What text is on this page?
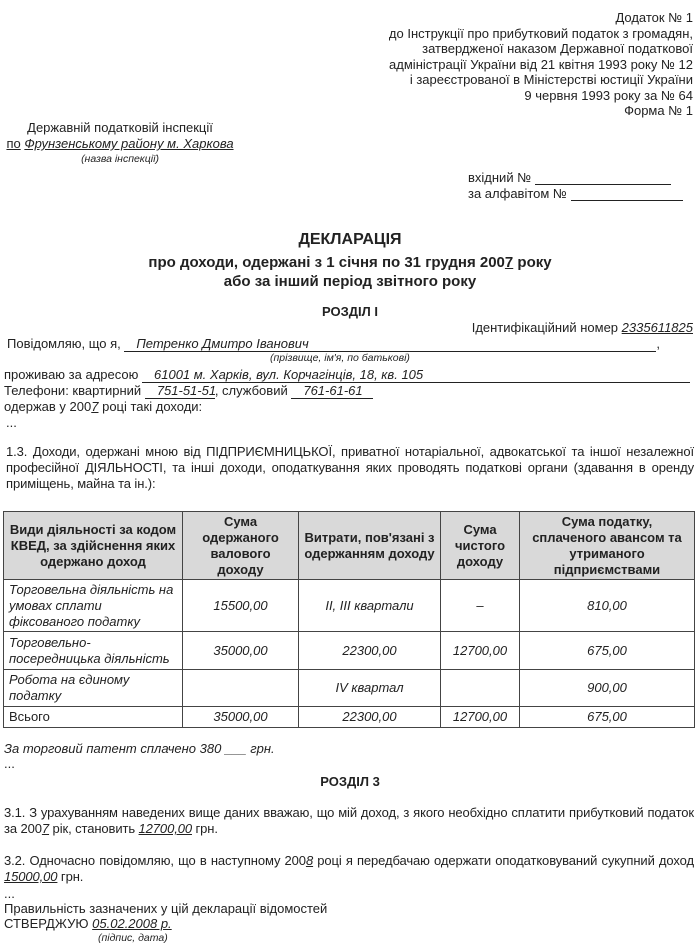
Додаток № 1
до Інструкції про прибутковий податок з громадян,
затвердженої наказом Державної податкової
адміністрації України від 21 квітня 1993 року № 12
і зареєстрованої в Міністерстві юстиції України
9 червня 1993 року за № 64
Форма № 1
Державній податковій інспекції
по Фрунзенському району м. Харкова
(назва інспекції)
вхідний №
за алфавітом №
ДЕКЛАРАЦІЯ
про доходи, одержані з 1 січня по 31 грудня 2007 року
або за інший період звітного року
РОЗДІЛ І
Ідентифікаційний номер 2335611825
Повідомляю, що я, Петренко Дмитро Іванович	,
(прізвище, ім'я, по батькові)
проживаю за адресою 61001 м. Харків, вул. Корчагінців, 18, кв. 105
Телефони: квартирний 751-51-51, службовий 761-61-61
одержав у 2007 році такі доходи:
...
1.3. Доходи, одержані мною від ПІДПРИЄМНИЦЬКОЇ, приватної нотаріальної, адвокатської та іншої незалежної професійної ДІЯЛЬНОСТІ, та інші доходи, оподаткування яких проводять податкові органи (здавання в оренду приміщень, майна та ін.):
Види діяльності за кодом КВЕД, за здійснення яких одержано доход	Сума одержаного валового доходу	Витрати, пов'язані з одержанням доходу	Сума чистого доходу	Сума податку, сплаченого авансом та утриманого підприємствами
Торговельна діяльність на умовах сплати фіксованого податку	15500,00	II, III квартали	–	810,00
Торговельно-посередницька діяльність	35000,00	22300,00	12700,00	675,00
Робота на єдиному податку		IV квартал		900,00
Всього	35000,00	22300,00	12700,00	675,00
За торговий патент сплачено 380 ___ грн.
...
РОЗДІЛ 3
3.1. З урахуванням наведених вище даних вважаю, що мій доход, з якого необхідно сплатити прибутковий податок за 2007 рік, становить 12700,00 грн.
3.2. Одночасно повідомляю, що в наступному 2008 році я передбачаю одержати оподатковуваний сукупний доход 15000,00 грн.
...
Правильність зазначених у цій декларації відомостей
СТВЕРДЖУЮ 05.02.2008 р.
(підпис, дата)
